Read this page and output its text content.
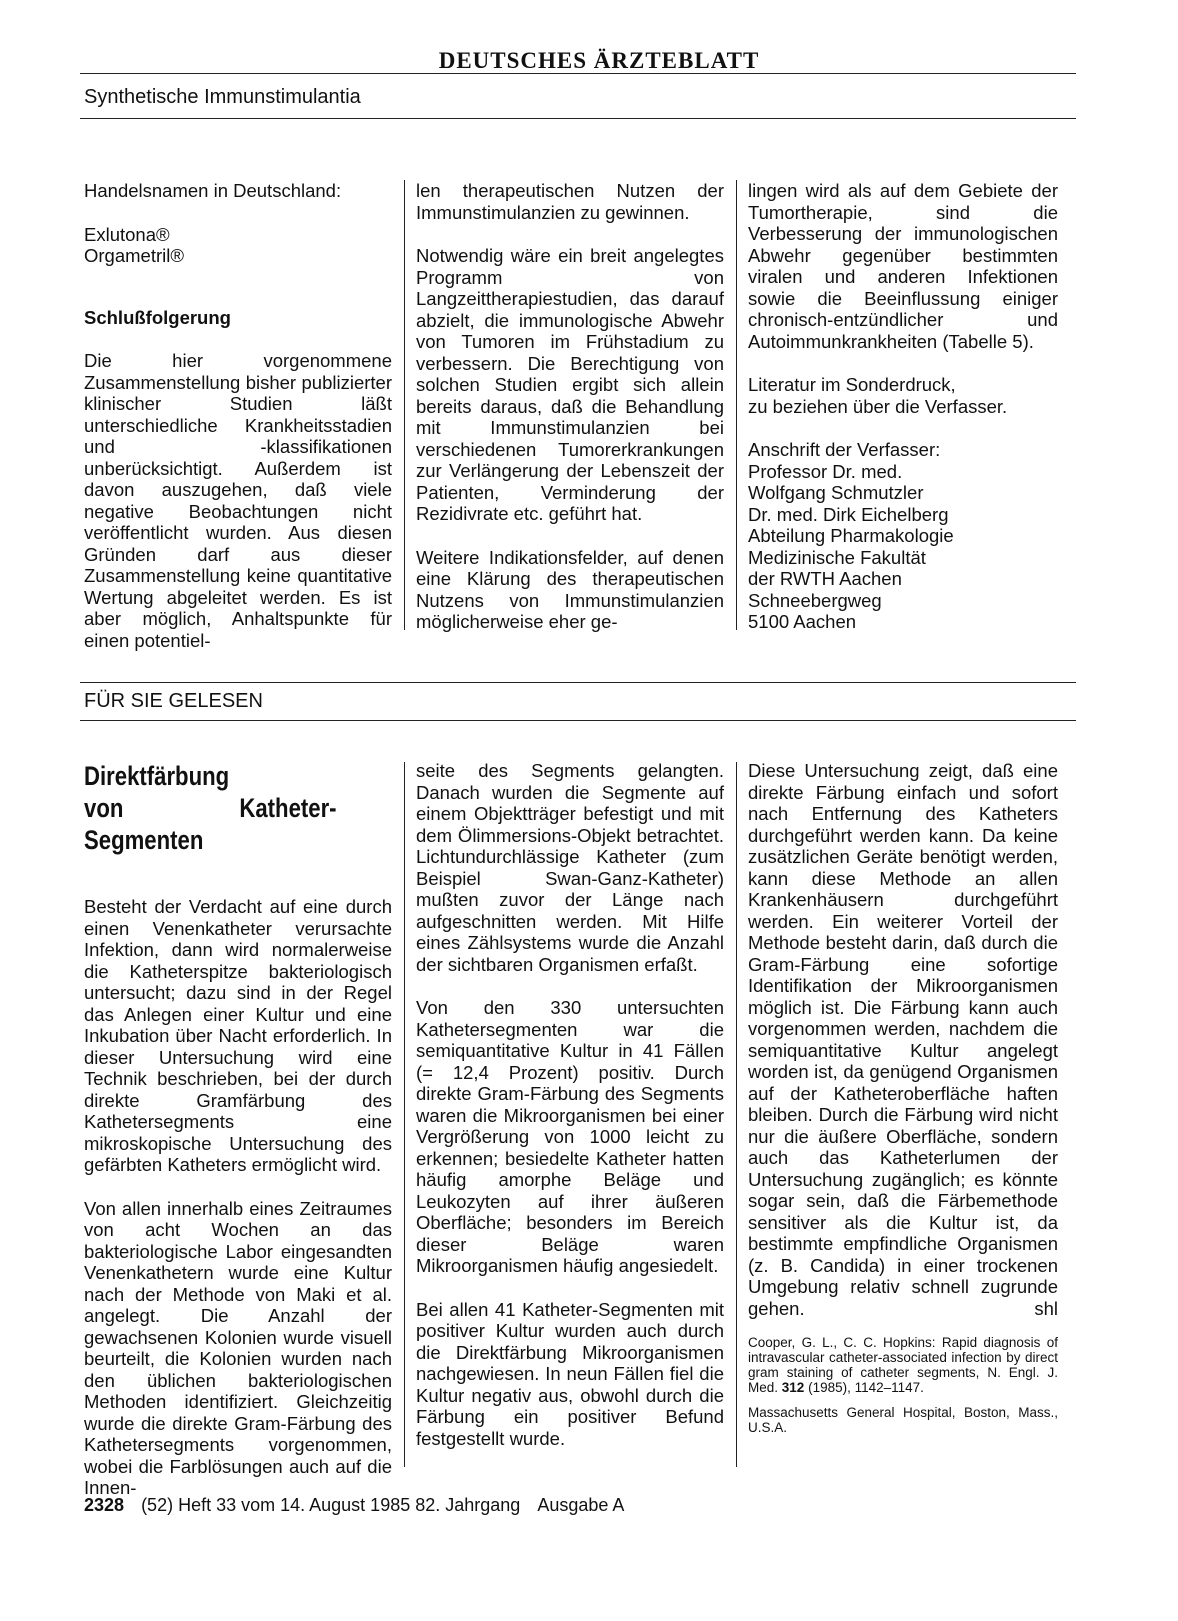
DEUTSCHES ÄRZTEBLATT
Synthetische Immunstimulantia

Handelsnamen in Deutschland:

Exlutona®

Orgametril®

Schlußfolgerung

Die hier vorgenommene Zusammenstellung bisher publizierter klinischer Studien läßt unterschiedliche Krankheitsstadien und -klassifikationen unberücksichtigt. Außerdem ist davon auszugehen, daß viele negative Beobachtungen nicht veröffentlicht wurden. Aus diesen Gründen darf aus dieser Zusammenstellung keine quantitative Wertung abgeleitet werden. Es ist aber möglich, Anhaltspunkte für einen potentiel-

len therapeutischen Nutzen der Immunstimulanzien zu gewinnen.

Notwendig wäre ein breit angelegtes Programm von Langzeittherapiestudien, das darauf abzielt, die immunologische Abwehr von Tumoren im Frühstadium zu verbessern. Die Berechtigung von solchen Studien ergibt sich allein bereits daraus, daß die Behandlung mit Immunstimulanzien bei verschiedenen Tumorerkrankungen zur Verlängerung der Lebenszeit der Patienten, Verminderung der Rezidivrate etc. geführt hat.

Weitere Indikationsfelder, auf denen eine Klärung des therapeutischen Nutzens von Immunstimulanzien möglicherweise eher ge-

lingen wird als auf dem Gebiete der Tumortherapie, sind die Verbesserung der immunologischen Abwehr gegenüber bestimmten viralen und anderen Infektionen sowie die Beeinflussung einiger chronisch-entzündlicher und Autoimmunkrankheiten (Tabelle 5).

Literatur im Sonderdruck,

zu beziehen über die Verfasser.

Anschrift der Verfasser:
Professor Dr. med.
Wolfgang Schmutzler
Dr. med. Dirk Eichelberg
Abteilung Pharmakologie
Medizinische Fakultät
der RWTH Aachen
Schneebergweg
5100 Aachen
FÜR SIE GELESEN
Direktfärbung
von Katheter-Segmenten

Besteht der Verdacht auf eine durch einen Venenkatheter verursachte Infektion, dann wird normalerweise die Katheterspitze bakteriologisch untersucht; dazu sind in der Regel das Anlegen einer Kultur und eine Inkubation über Nacht erforderlich. In dieser Untersuchung wird eine Technik beschrieben, bei der durch direkte Gramfärbung des Kathetersegments eine mikroskopische Untersuchung des gefärbten Katheters ermöglicht wird.

Von allen innerhalb eines Zeitraumes von acht Wochen an das bakteriologische Labor eingesandten Venenkathetern wurde eine Kultur nach der Methode von Maki et al. angelegt. Die Anzahl der gewachsenen Kolonien wurde visuell beurteilt, die Kolonien wurden nach den üblichen bakteriologischen Methoden identifiziert. Gleichzeitig wurde die direkte Gram-Färbung des Kathetersegments vorgenommen, wobei die Farblösungen auch auf die Innen-

seite des Segments gelangten. Danach wurden die Segmente auf einem Objektträger befestigt und mit dem Ölimmersions-Objekt betrachtet. Lichtundurchlässige Katheter (zum Beispiel Swan-Ganz-Katheter) mußten zuvor der Länge nach aufgeschnitten werden. Mit Hilfe eines Zählsystems wurde die Anzahl der sichtbaren Organismen erfaßt.

Von den 330 untersuchten Kathetersegmenten war die semiquantitative Kultur in 41 Fällen (= 12,4 Prozent) positiv. Durch direkte Gram-Färbung des Segments waren die Mikroorganismen bei einer Vergrößerung von 1000 leicht zu erkennen; besiedelte Katheter hatten häufig amorphe Beläge und Leukozyten auf ihrer äußeren Oberfläche; besonders im Bereich dieser Beläge waren Mikroorganismen häufig angesiedelt.

Bei allen 41 Katheter-Segmenten mit positiver Kultur wurden auch durch die Direktfärbung Mikroorganismen nachgewiesen. In neun Fällen fiel die Kultur negativ aus, obwohl durch die Färbung ein positiver Befund festgestellt wurde.

Diese Untersuchung zeigt, daß eine direkte Färbung einfach und sofort nach Entfernung des Katheters durchgeführt werden kann. Da keine zusätzlichen Geräte benötigt werden, kann diese Methode an allen Krankenhäusern durchgeführt werden. Ein weiterer Vorteil der Methode besteht darin, daß durch die Gram-Färbung eine sofortige Identifikation der Mikroorganismen möglich ist. Die Färbung kann auch vorgenommen werden, nachdem die semiquantitative Kultur angelegt worden ist, da genügend Organismen auf der Katheteroberfläche haften bleiben. Durch die Färbung wird nicht nur die äußere Oberfläche, sondern auch das Katheterlumen der Untersuchung zugänglich; es könnte sogar sein, daß die Färbemethode sensitiver als die Kultur ist, da bestimmte empfindliche Organismen (z. B. Candida) in einer trockenen Umgebung relativ schnell zugrunde gehen.	shl

Cooper, G. L., C. C. Hopkins: Rapid diagnosis of intravascular catheter-associated infection by direct gram staining of catheter segments, N. Engl. J. Med. 312 (1985), 1142–1147.
Massachusetts General Hospital, Boston, Mass., U.S.A.
2328 (52) Heft 33 vom 14. August 1985 82. Jahrgang Ausgabe A
